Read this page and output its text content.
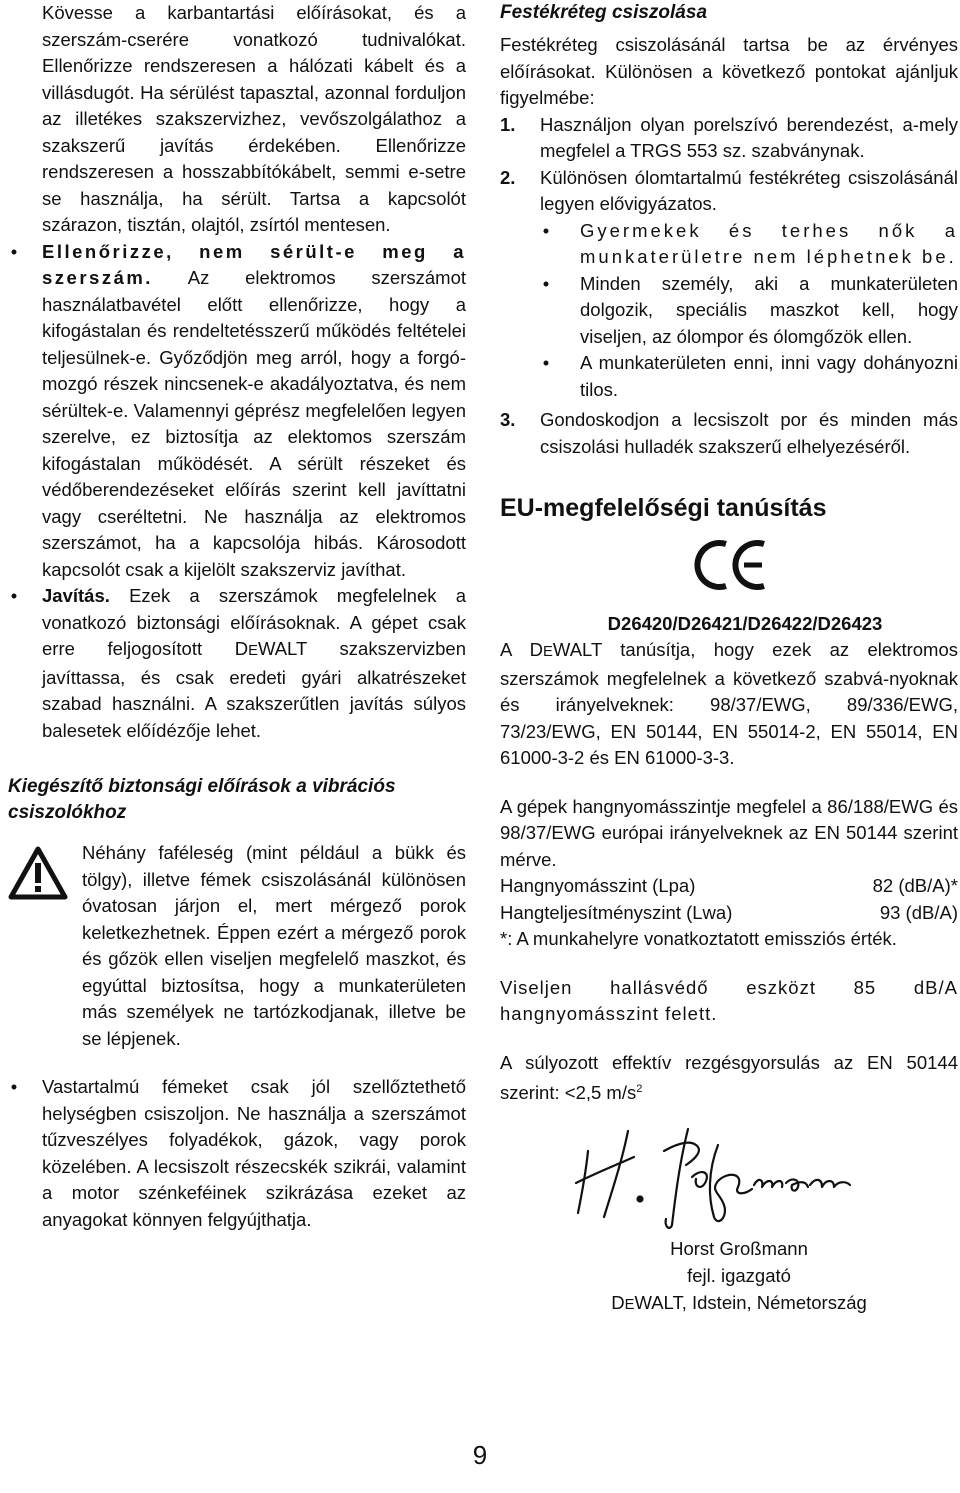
Kövesse a karbantartási előírásokat, és a szerszám-cserére vonatkozó tudnivalókat. Ellenőrizze rendszeresen a hálózati kábelt és a villásdugót. Ha sérülést tapasztal, azonnal forduljon az illetékes szakszervizhez, vevőszolgálathoz a szakszerű javítás érdekében. Ellenőrizze rendszeresen a hosszabbítókábelt, semmi e-setre se használja, ha sérült. Tartsa a kapcsolót szárazon, tisztán, olajtól, zsírtól mentesen.

• Ellenőrizze, nem sérült-e meg a szerszám. Az elektromos szerszámot használatbavétel előtt ellenőrizze, hogy a kifogástalan és rendeltetésszerű működés feltételei teljesülnek-e. Győződjön meg arról, hogy a forgó-mozgó részek nincsenek-e akadályoztatva, és nem sérültek-e. Valamennyi géprész megfelelően legyen szerelve, ez biztosítja az elektomos szerszám kifogástalan működését. A sérült részeket és védőberendezéseket előírás szerint kell javíttatni vagy cseréltetni. Ne használja az elektromos szerszámot, ha a kapcsolója hibás. Károsodott kapcsolót csak a kijelölt szakszerviz javíthat.
• Javítás. Ezek a szerszámok megfelelnek a vonatkozó biztonsági előírásoknak. A gépet csak erre feljogosított DEWALT szakszervizben javíttassa, és csak eredeti gyári alkatrészeket szabad használni. A szakszerűtlen javítás súlyos balesetek előídézője lehet.

Kiegészítő biztonsági előírások a vibrációs csiszolókhoz

Néhány faféleség (mint például a bükk és tölgy), illetve fémek csiszolásánál különösen óvatosan járjon el, mert mérgező porok keletkezhetnek. Éppen ezért a mérgező porok és gőzök ellen viseljen megfelelő maszkot, és egyúttal biztosítsa, hogy a munkaterületen más személyek ne tartózkodjanak, illetve be se lépjenek.
• Vastartalmú fémeket csak jól szellőztethető helységben csiszoljon. Ne használja a szerszámot tűzveszélyes folyadékok, gázok, vagy porok közelében. A lecsiszolt részecskék szikrái, valamint a motor szénkeféinek szikrázása ezeket az anyagokat könnyen felgyújthatja.

Festékréteg csiszolása

Festékréteg csiszolásánál tartsa be az érvényes előírásokat. Különösen a következő pontokat ajánljuk figyelmébe:

1. Használjon olyan porelszívó berendezést, a-mely megfelel a TRGS 553 sz. szabványnak.
2. Különösen ólomtartalmú festékréteg csiszolásánál legyen elővigyázatos.
• Gyermekek és terhes nők a munkaterületre nem léphetnek be.
• Minden személy, aki a munkaterületen dolgozik, speciális maszkot kell, hogy viseljen, az ólompor és ólomgőzök ellen.
• A munkaterületen enni, inni vagy dohányozni tilos.
3. Gondoskodjon a lecsiszolt por és minden más csiszolási hulladék szakszerű elhelyezéséről.

EU-megfelelőségi tanúsítás

D26420/D26421/D26422/D26423

A DEWALT tanúsítja, hogy ezek az elektromos szerszámok megfelelnek a következő szabvá-nyoknak és irányelveknek: 98/37/EWG, 89/336/EWG, 73/23/EWG, EN 50144, EN 55014-2, EN 55014, EN 61000-3-2 és EN 61000-3-3.

A gépek hangnyomásszintje megfelel a 86/188/EWG és 98/37/EWG európai irányelveknek az EN 50144 szerint mérve.

Hangnyomásszint (Lpa)	82 (dB/A)*
Hangteljesítményszint (Lwa)	93 (dB/A)

*: A munkahelyre vonatkoztatott emissziós érték.

Viseljen hallásvédő eszközt 85 dB/A hangnyomásszint felett.

A súlyozott effektív rezgésgyorsulás az EN 50144 szerint: <2,5 $m/s^2$

Horst Großmann

fejl. igazgató

DEWALT, Idstein, Németország

9
